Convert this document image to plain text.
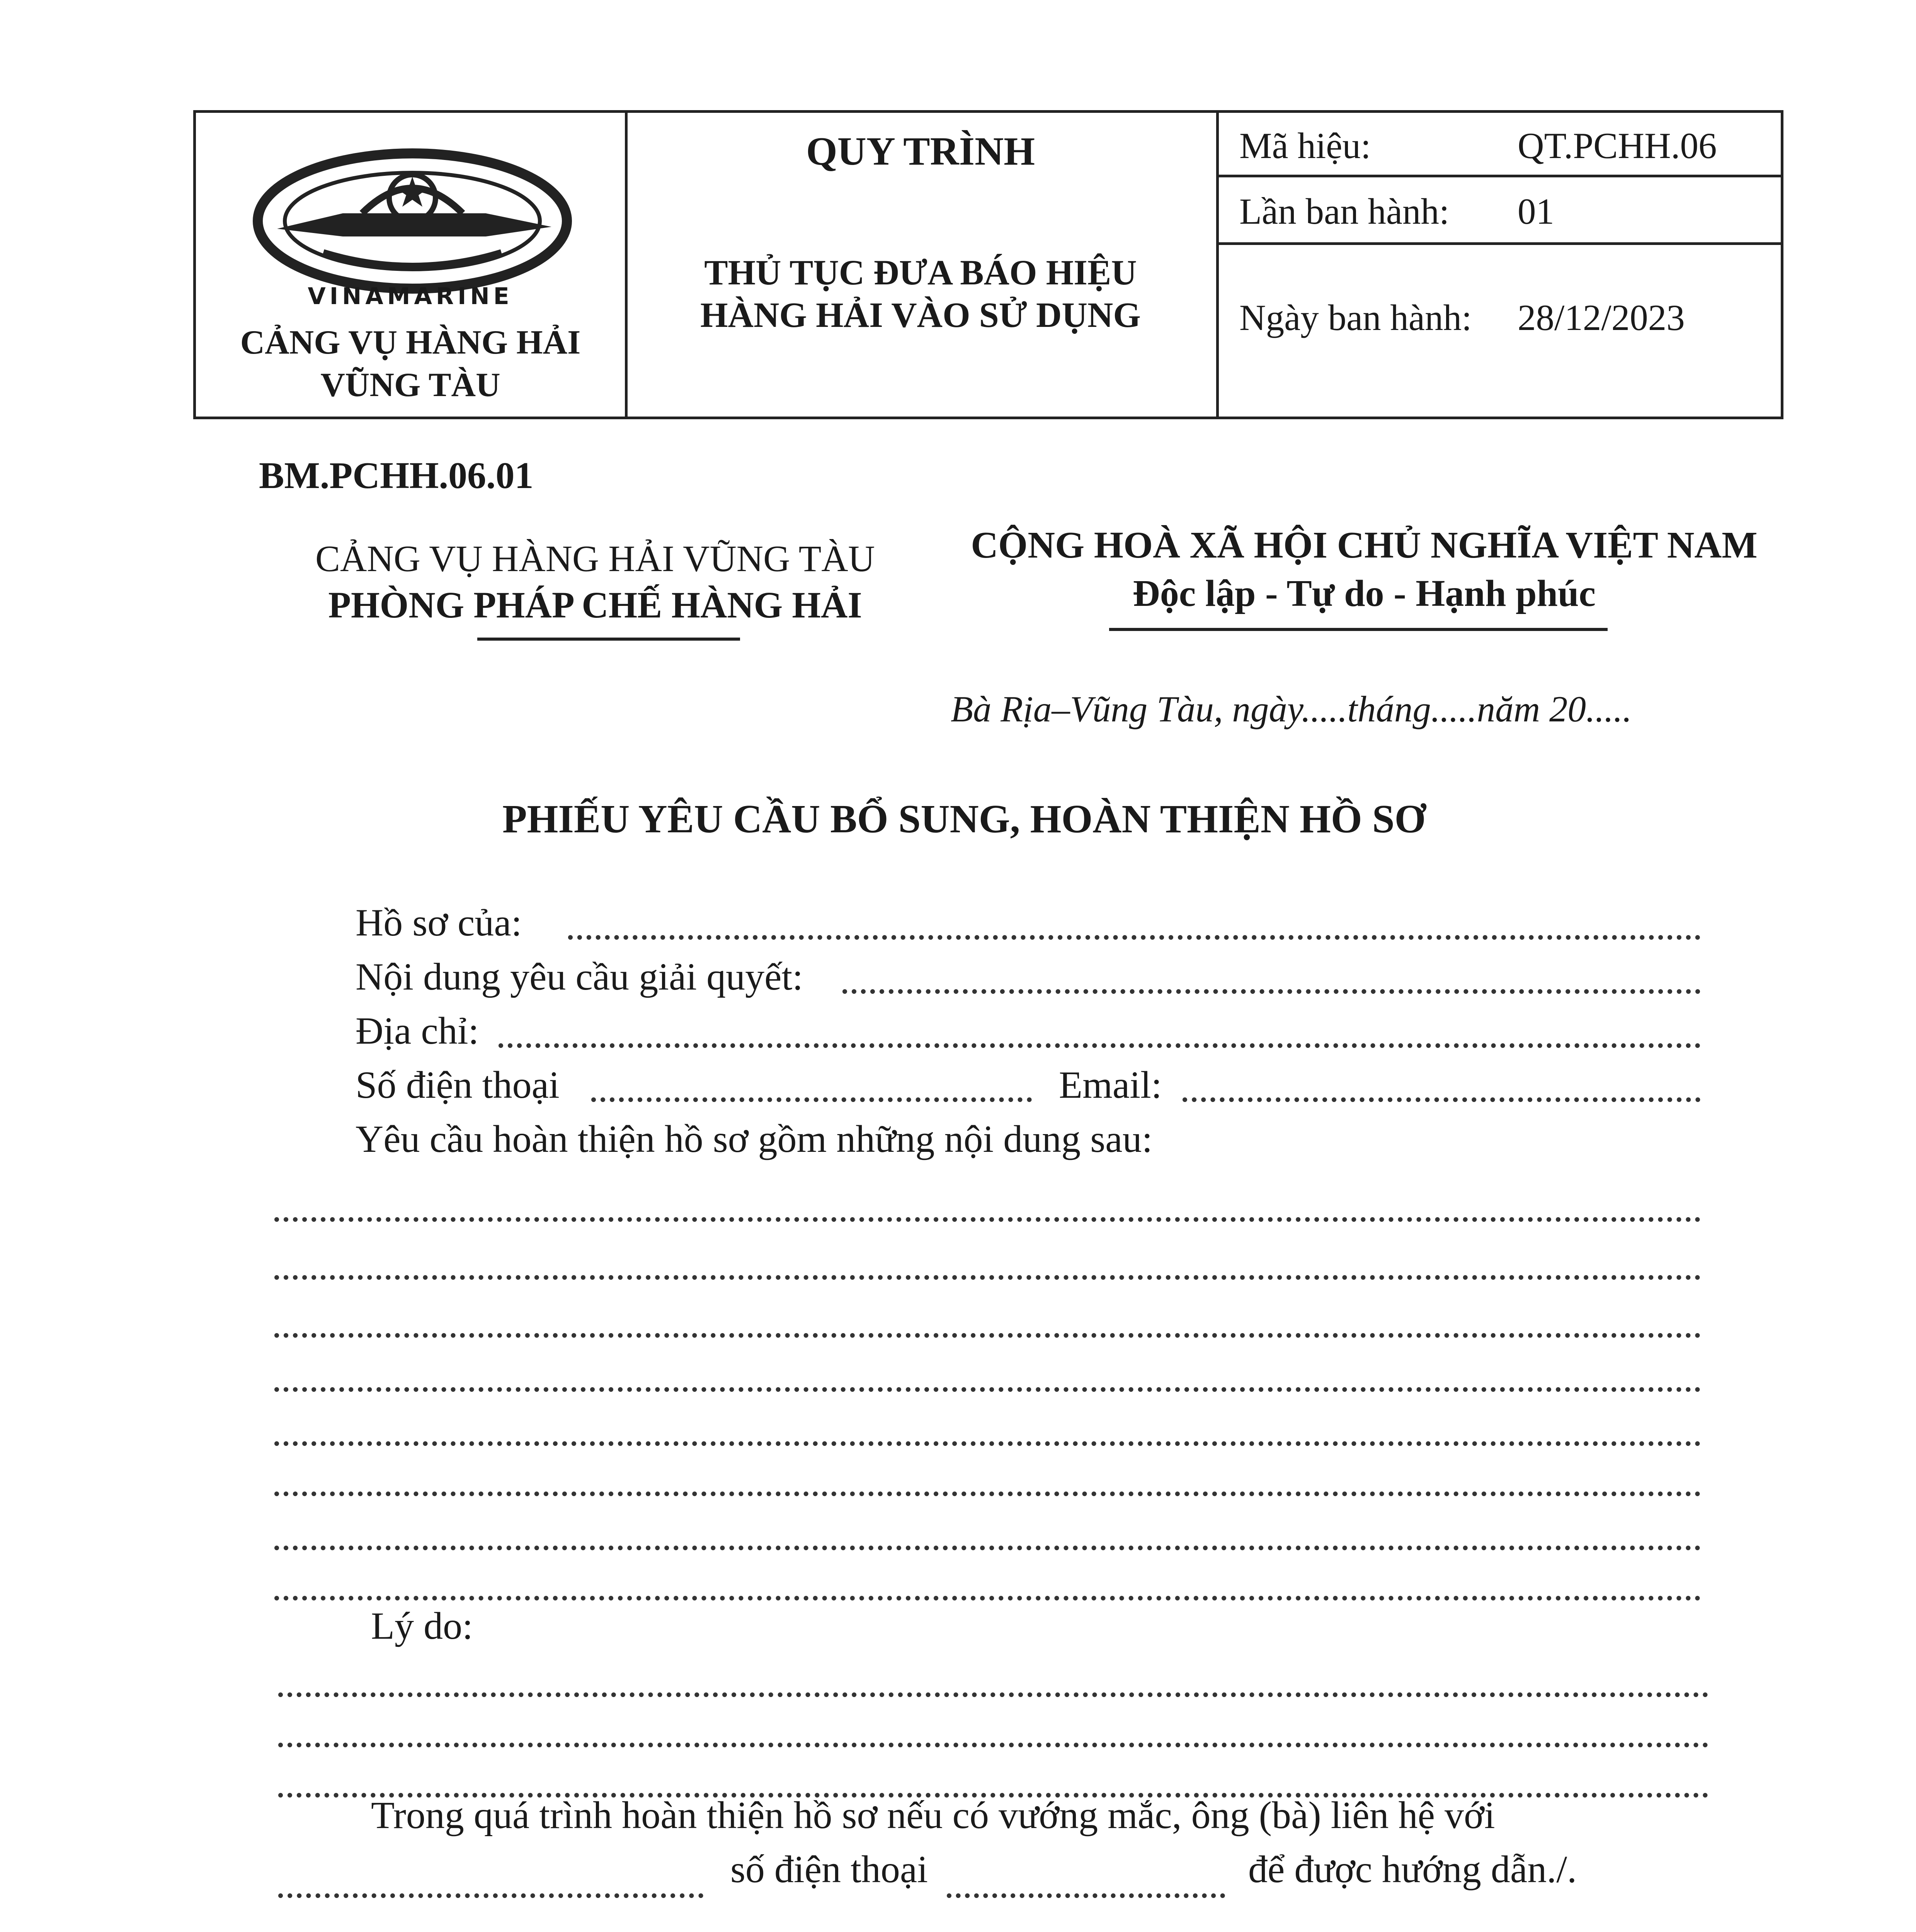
VINAMARINE
CẢNG VỤ HÀNG HẢI
VŨNG TÀU
QUY TRÌNH
THỦ TỤC ĐƯA BÁO HIỆU
HÀNG HẢI VÀO SỬ DỤNG
Mã hiệu:	QT.PCHH.06
Lần ban hành: 01
Ngày ban hành: 28/12/2023
BM.PCHH.06.01
CẢNG VỤ HÀNG HẢI VŨNG TÀU
PHÒNG PHÁP CHẾ HÀNG HẢI
CỘNG HOÀ XÃ HỘI CHỦ NGHĨA VIỆT NAM
Độc lập - Tự do - Hạnh phúc
Bà Rịa–Vũng Tàu, ngày.....tháng.....năm 20.....
PHIẾU YÊU CẦU BỔ SUNG, HOÀN THIỆN HỒ SƠ
Hồ sơ của:
Nội dung yêu cầu giải quyết:
Địa chỉ:
Số điện thoại	Email:
Yêu cầu hoàn thiện hồ sơ gồm những nội dung sau:
Lý do:
Trong quá trình hoàn thiện hồ sơ nếu có vướng mắc, ông (bà) liên hệ với
số điện thoại	để được hướng dẫn./.
